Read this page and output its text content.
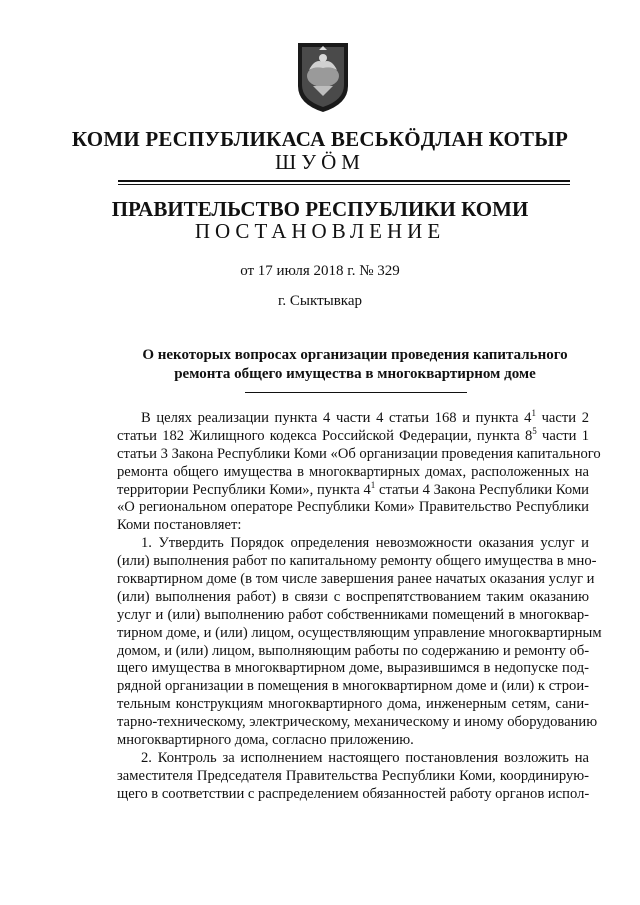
КОМИ РЕСПУБЛИКАСА ВЕСЬКӦДЛАН КОТЫР
ШУӦМ
ПРАВИТЕЛЬСТВО РЕСПУБЛИКИ КОМИ
ПОСТАНОВЛЕНИЕ
от 17 июля 2018 г. № 329
г. Сыктывкар
О некоторых вопросах организации проведения капитального
ремонта общего имущества в многоквартирном доме
В целях реализации пункта 4 части 4 статьи 168 и пункта $4^1$ части 2
статьи 182 Жилищного кодекса Российской Федерации, пункта $8^5$ части 1
статьи 3 Закона Республики Коми «Об организации проведения капитального
ремонта общего имущества в многоквартирных домах, расположенных на
территории Республики Коми», пункта $4^1$ статьи 4 Закона Республики Коми
«О региональном операторе Республики Коми» Правительство Республики
Коми постановляет:
1. Утвердить Порядок определения невозможности оказания услуг и
(или) выполнения работ по капитальному ремонту общего имущества в мно-
гоквартирном доме (в том числе завершения ранее начатых оказания услуг и
(или) выполнения работ) в связи с воспрепятствованием таким оказанию
услуг и (или) выполнению работ собственниками помещений в многоквар-
тирном доме, и (или) лицом, осуществляющим управление многоквартирным
домом, и (или) лицом, выполняющим работы по содержанию и ремонту об-
щего имущества в многоквартирном доме, выразившимся в недопуске под-
рядной организации в помещения в многоквартирном доме и (или) к строи-
тельным конструкциям многоквартирного дома, инженерным сетям, сани-
тарно-техническому, электрическому, механическому и иному оборудованию
многоквартирного дома, согласно приложению.
2. Контроль за исполнением настоящего постановления возложить на
заместителя Председателя Правительства Республики Коми, координирую-
щего в соответствии с распределением обязанностей работу органов испол-
